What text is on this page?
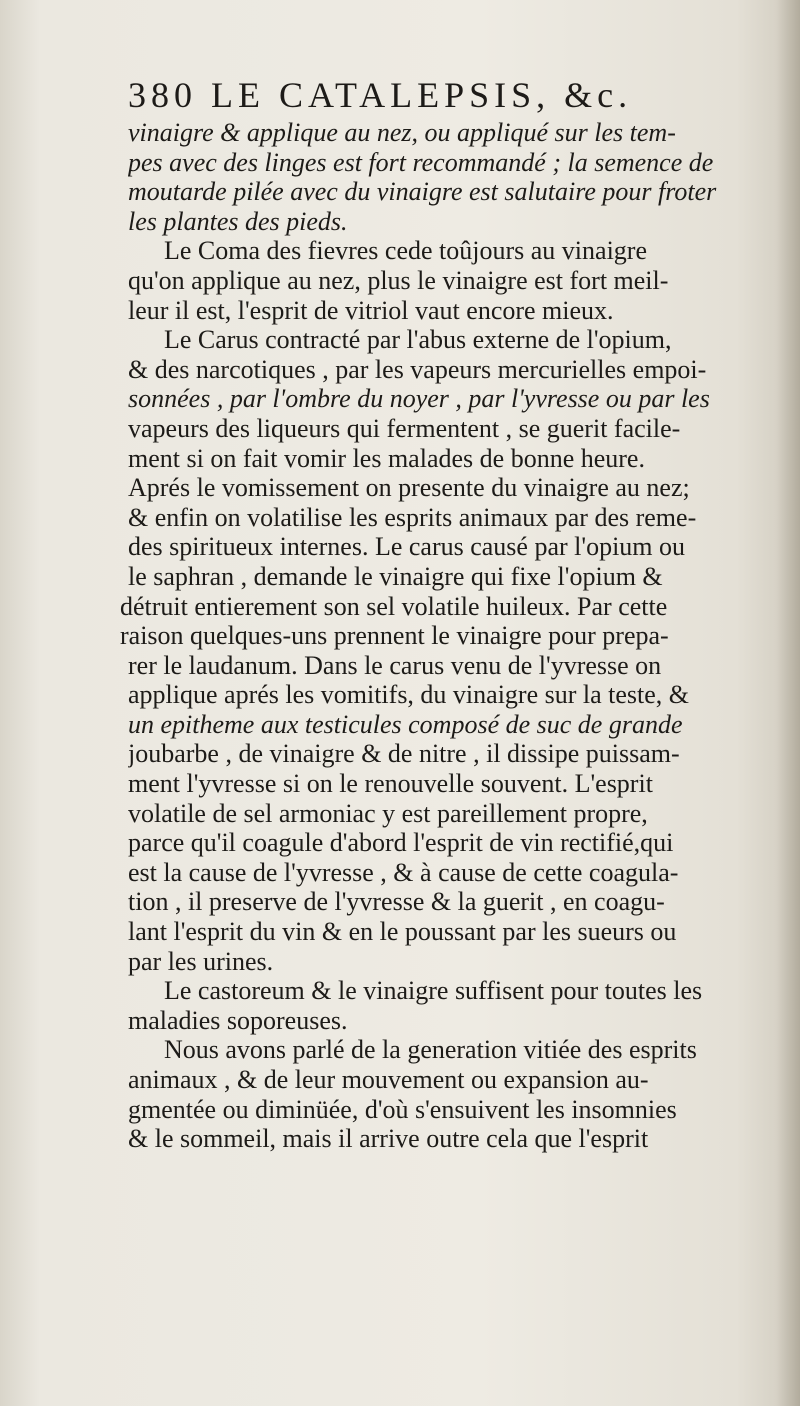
380 LE CATALEPSIS, &c.
vinaigre & applique au nez, ou appliqué sur les tem-
pes avec des linges est fort recommandé ; la semence de
moutarde pilée avec du vinaigre est salutaire pour froter
les plantes des pieds.
Le Coma des fievres cede toûjours au vinaigre
qu'on applique au nez, plus le vinaigre est fort meil-
leur il est, l'esprit de vitriol vaut encore mieux.
Le Carus contracté par l'abus externe de l'opium,
& des narcotiques , par les vapeurs mercurielles empoi-
sonnées , par l'ombre du noyer , par l'yvresse ou par les
vapeurs des liqueurs qui fermentent , se guerit facile-
ment si on fait vomir les malades de bonne heure.
Aprés le vomissement on presente du vinaigre au nez;
& enfin on volatilise les esprits animaux par des reme-
des spiritueux internes. Le carus causé par l'opium ou
le saphran , demande le vinaigre qui fixe l'opium &
détruit entierement son sel volatile huileux. Par cette
raison quelques-uns prennent le vinaigre pour prepa-
rer le laudanum. Dans le carus venu de l'yvresse on
applique aprés les vomitifs, du vinaigre sur la teste, &
un epitheme aux testicules composé de suc de grande
joubarbe , de vinaigre & de nitre , il dissipe puissam-
ment l'yvresse si on le renouvelle souvent. L'esprit
volatile de sel armoniac y est pareillement propre,
parce qu'il coagule d'abord l'esprit de vin rectifié,qui
est la cause de l'yvresse , & à cause de cette coagula-
tion , il preserve de l'yvresse & la guerit , en coagu-
lant l'esprit du vin & en le poussant par les sueurs ou
par les urines.
Le castoreum & le vinaigre suffisent pour toutes les
maladies soporeuses.
Nous avons parlé de la generation vitiée des esprits
animaux , & de leur mouvement ou expansion au-
gmentée ou diminüée, d'où s'ensuivent les insomnies
& le sommeil, mais il arrive outre cela que l'esprit
